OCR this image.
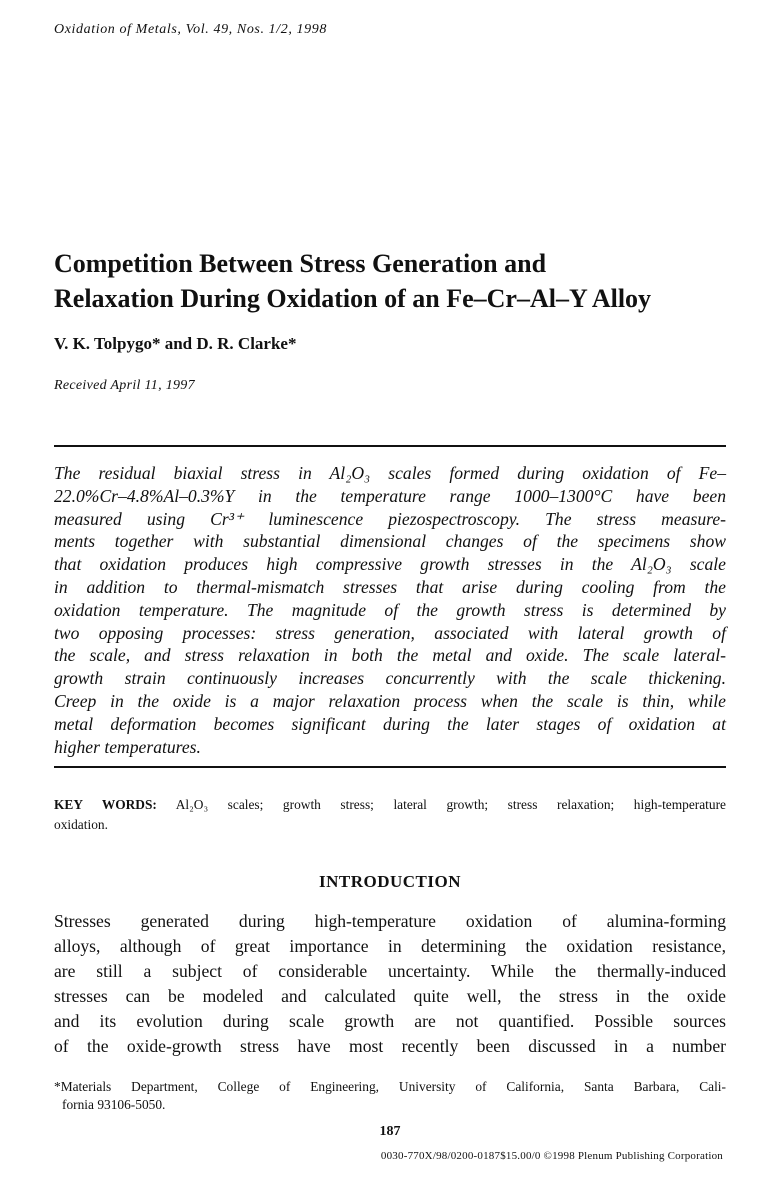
Oxidation of Metals, Vol. 49, Nos. 1/2, 1998
Competition Between Stress Generation and
Relaxation During Oxidation of an Fe–Cr–Al–Y Alloy
V. K. Tolpygo* and D. R. Clarke*
Received April 11, 1997
The residual biaxial stress in Al₂O₃ scales formed during oxidation of Fe–
22.0%Cr–4.8%Al–0.3%Y in the temperature range 1000–1300°C have been
measured using Cr³⁺ luminescence piezospectroscopy. The stress measure-
ments together with substantial dimensional changes of the specimens show
that oxidation produces high compressive growth stresses in the Al₂O₃ scale
in addition to thermal-mismatch stresses that arise during cooling from the
oxidation temperature. The magnitude of the growth stress is determined by
two opposing processes: stress generation, associated with lateral growth of
the scale, and stress relaxation in both the metal and oxide. The scale lateral-
growth strain continuously increases concurrently with the scale thickening.
Creep in the oxide is a major relaxation process when the scale is thin, while
metal deformation becomes significant during the later stages of oxidation at
higher temperatures.
KEY WORDS: Al₂O₃ scales; growth stress; lateral growth; stress relaxation; high-temperature
oxidation.
INTRODUCTION
Stresses generated during high-temperature oxidation of alumina-forming
alloys, although of great importance in determining the oxidation resistance,
are still a subject of considerable uncertainty. While the thermally-induced
stresses can be modeled and calculated quite well, the stress in the oxide
and its evolution during scale growth are not quantified. Possible sources
of the oxide-growth stress have most recently been discussed in a number
*Materials Department, College of Engineering, University of California, Santa Barbara, Cali-
fornia 93106-5050.
187
0030-770X/98/0200-0187$15.00/0 ©1998 Plenum Publishing Corporation
